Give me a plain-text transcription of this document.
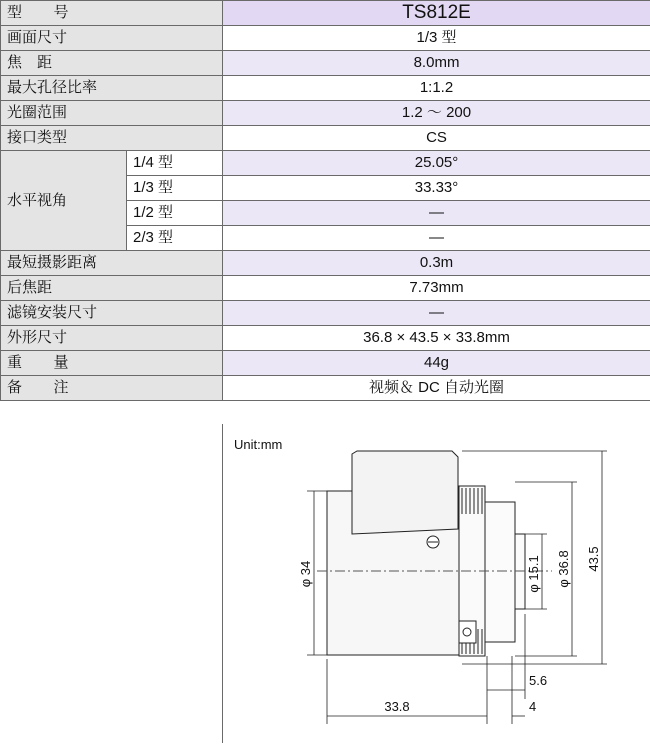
型　号		TS812E
画面尺寸		1/3 型
焦　距		8.0mm
最大孔径比率		1:1.2
光圈范围		1.2 ～ 200
接口类型		CS
水平视角	1/4 型	25.05°
	1/3 型	33.33°
	1/2 型	—
	2/3 型	—
最短摄影距离		0.3m
后焦距		7.73mm
滤镜安装尺寸		—
外形尺寸		36.8 × 43.5 × 33.8mm
重　量		44g
备　注		视频＆ DC 自动光圈
φ 34	φ 15.1 φ 36.8 43.5
33.8
5.6
4
Unit:mm
